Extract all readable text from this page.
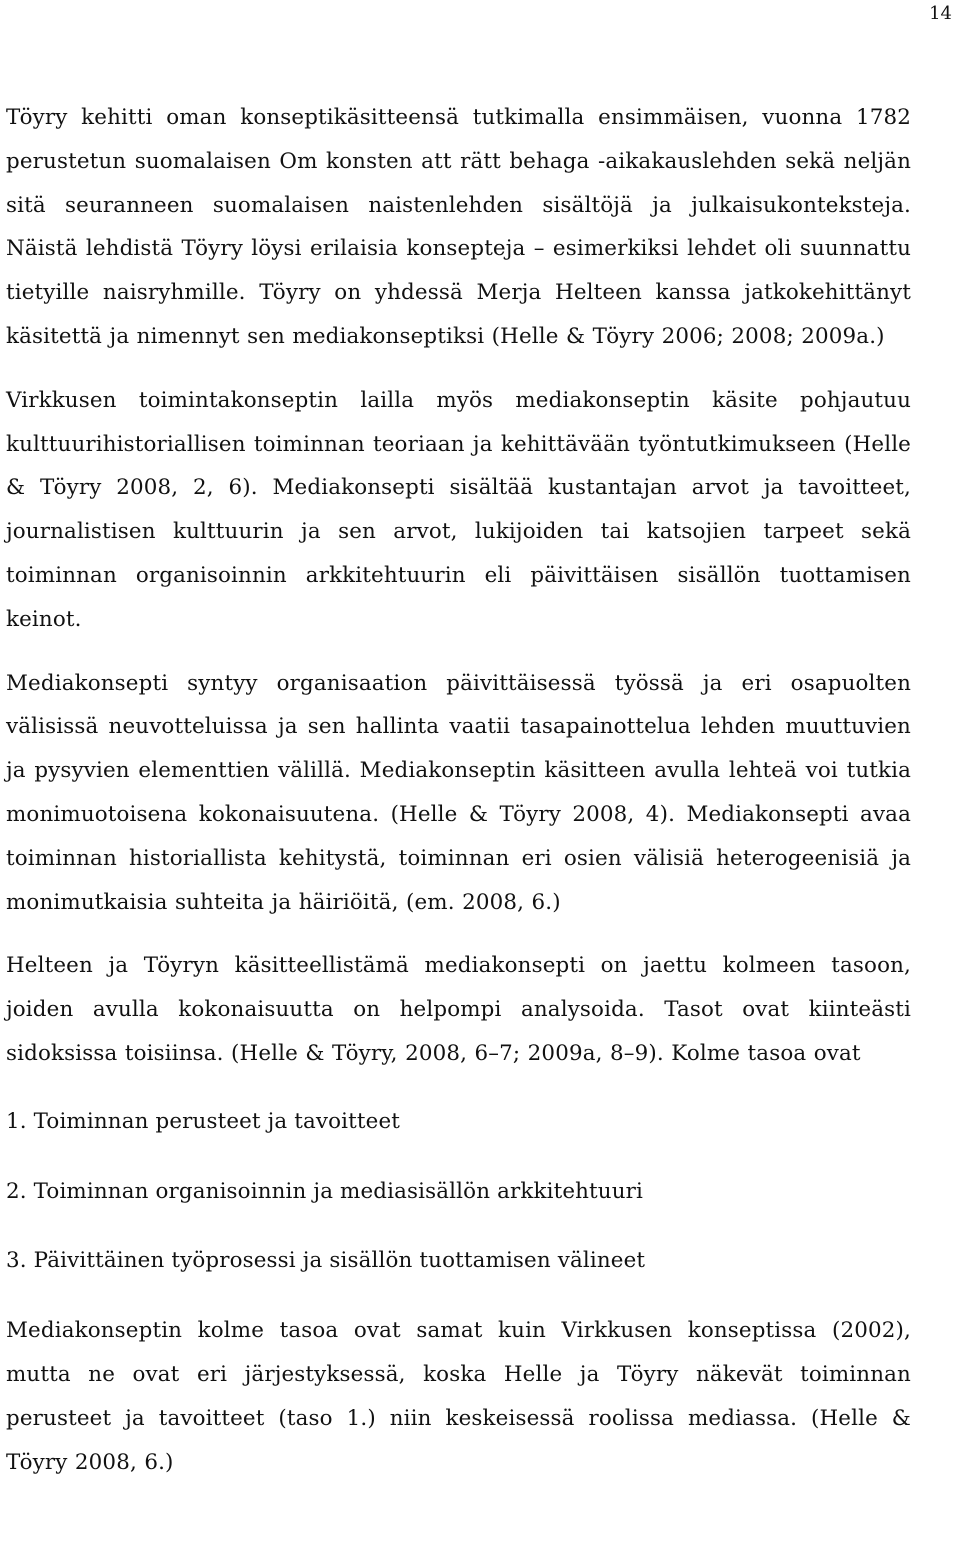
14

Töyry kehitti oman konseptikäsitteensä tutkimalla ensimmäisen, vuonna 1782 perustetun suomalaisen Om konsten att rätt behaga -aikakauslehden sekä neljän sitä seuranneen suomalaisen naistenlehden sisältöjä ja julkaisukonteksteja. Näistä lehdistä Töyry löysi erilaisia konsepteja – esimerkiksi lehdet oli suunnattu tietyille naisryhmille. Töyry on yhdessä Merja Helteen kanssa jatkokehittänyt käsitettä ja nimennyt sen mediakonseptiksi (Helle & Töyry 2006; 2008; 2009a.)

Virkkusen toimintakonseptin lailla myös mediakonseptin käsite pohjautuu kulttuurihistoriallisen toiminnan teoriaan ja kehittävään työntutkimukseen (Helle & Töyry 2008, 2, 6). Mediakonsepti sisältää kustantajan arvot ja tavoitteet, journalistisen kulttuurin ja sen arvot, lukijoiden tai katsojien tarpeet sekä toiminnan organisoinnin arkkitehtuurin eli päivittäisen sisällön tuottamisen keinot.

Mediakonsepti syntyy organisaation päivittäisessä työssä ja eri osapuolten välisissä neuvotteluissa ja sen hallinta vaatii tasapainottelua lehden muuttuvien ja pysyvien elementtien välillä. Mediakonseptin käsitteen avulla lehteä voi tutkia monimuotoisena kokonaisuutena. (Helle & Töyry 2008, 4). Mediakonsepti avaa toiminnan historiallista kehitystä, toiminnan eri osien välisiä heterogeenisiä ja monimutkaisia suhteita ja häiriöitä, (em. 2008, 6.)

Helteen ja Töyryn käsitteellistämä mediakonsepti on jaettu kolmeen tasoon, joiden avulla kokonaisuutta on helpompi analysoida. Tasot ovat kiinteästi sidoksissa toisiinsa. (Helle & Töyry, 2008, 6–7; 2009a, 8–9). Kolme tasoa ovat

1. Toiminnan perusteet ja tavoitteet

2. Toiminnan organisoinnin ja mediasisällön arkkitehtuuri

3. Päivittäinen työprosessi ja sisällön tuottamisen välineet

Mediakonseptin kolme tasoa ovat samat kuin Virkkusen konseptissa (2002), mutta ne ovat eri järjestyksessä, koska Helle ja Töyry näkevät toiminnan perusteet ja tavoitteet (taso 1.) niin keskeisessä roolissa mediassa. (Helle & Töyry 2008, 6.)
